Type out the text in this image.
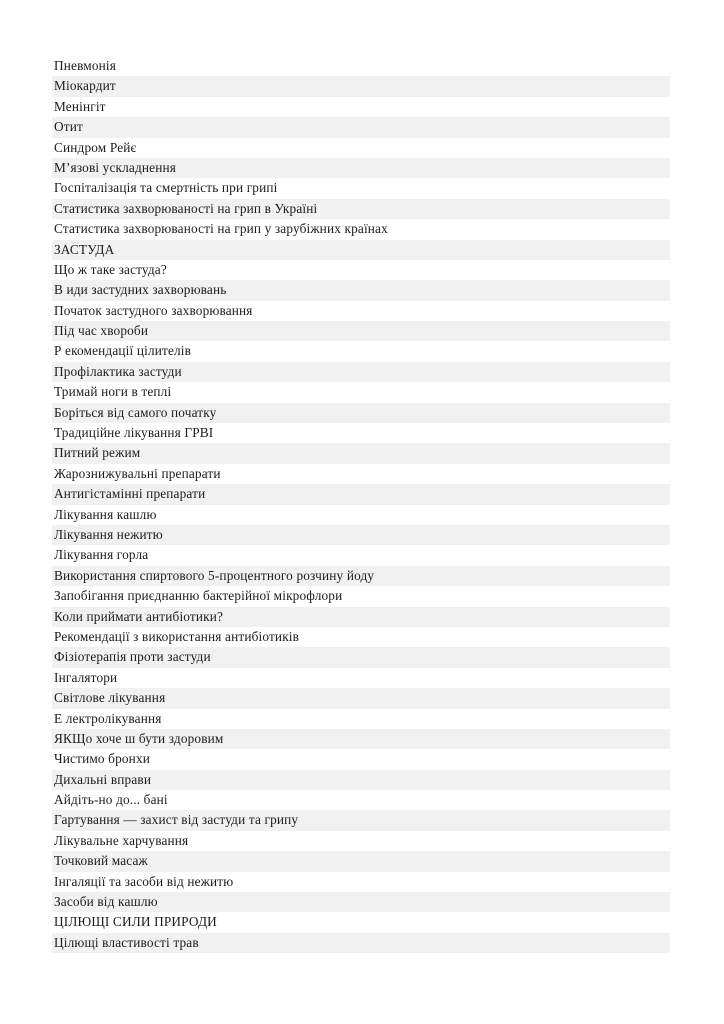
Пневмонія
Міокардит
Менінгіт
Отит
Синдром Рейє
М’язові ускладнення
Госпіталізація та смертність при грипі
Статистика захворюваності на грип в Україні
Статистика захворюваності на грип у зарубіжних країнах
ЗАСТУДА
Що ж таке застуда?
В иди застудних захворювань
Початок застудного захворювання
Під час хвороби
Р екомендації цілителів
Профілактика застуди
Тримай ноги в теплі
Боріться від самого початку
Традиційне лікування ГРВІ
Питний режим
Жарознижувальні препарати
Антигістамінні препарати
Лікування кашлю
Лікування нежитю
Лікування горла
Використання спиртового 5-процентного розчину йоду
Запобігання приєднанню бактерійної мікрофлори
Коли приймати антибіотики?
Рекомендації з використання антибіотиків
Фізіотерапія проти застуди
Інгалятори
Світлове лікування
Е лектролікування
ЯКЩо хоче ш бути здоровим
Чистимо бронхи
Дихальні вправи
Айдіть-но до... бані
Гартування — захист від застуди та грипу
Лікувальне харчування
Точковий масаж
Інгаляції та засоби від нежитю
Засоби від кашлю
ЦІЛЮЩІ СИЛИ ПРИРОДИ
Цілющі властивості трав
